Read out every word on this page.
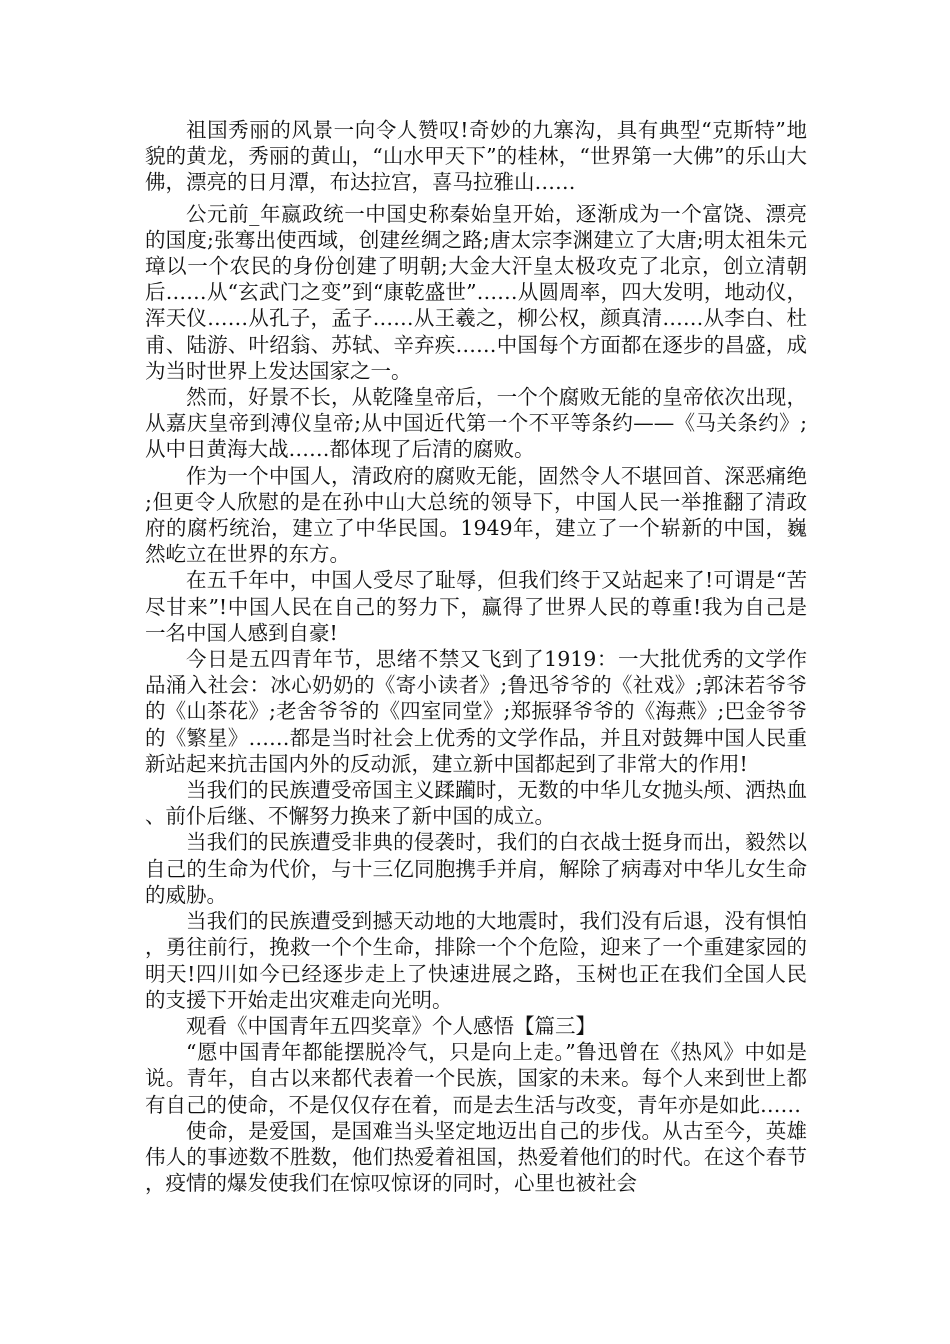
祖国秀丽的风景一向令人赞叹!奇妙的九寨沟，具有典型“克斯特”地貌的黄龙，秀丽的黄山，“山水甲天下”的桂林，“世界第一大佛”的乐山大佛，漂亮的日月潭，布达拉宫，喜马拉雅山……

公元前_年嬴政统一中国史称秦始皇开始，逐渐成为一个富饶、漂亮的国度;张骞出使西域，创建丝绸之路;唐太宗李渊建立了大唐;明太祖朱元璋以一个农民的身份创建了明朝;大金大汗皇太极攻克了北京，创立清朝后……从“玄武门之变”到“康乾盛世”……从圆周率，四大发明，地动仪，浑天仪……从孔子，孟子……从王羲之，柳公权，颜真清……从李白、杜甫、陆游、叶绍翁、苏轼、辛弃疾……中国每个方面都在逐步的昌盛，成为当时世界上发达国家之一。

然而，好景不长，从乾隆皇帝后，一个个腐败无能的皇帝依次出现，从嘉庆皇帝到溥仪皇帝;从中国近代第一个不平等条约——《马关条约》;从中日黄海大战……都体现了后清的腐败。

作为一个中国人，清政府的腐败无能，固然令人不堪回首、深恶痛绝;但更令人欣慰的是在孙中山大总统的领导下，中国人民一举推翻了清政府的腐朽统治，建立了中华民国。1949年，建立了一个崭新的中国，巍然屹立在世界的东方。

在五千年中，中国人受尽了耻辱，但我们终于又站起来了!可谓是“苦尽甘来”!中国人民在自己的努力下，赢得了世界人民的尊重!我为自己是一名中国人感到自豪!

今日是五四青年节，思绪不禁又飞到了1919：一大批优秀的文学作品涌入社会：冰心奶奶的《寄小读者》;鲁迅爷爷的《社戏》;郭沫若爷爷的《山茶花》;老舍爷爷的《四室同堂》;郑振驿爷爷的《海燕》;巴金爷爷的《繁星》……都是当时社会上优秀的文学作品，并且对鼓舞中国人民重新站起来抗击国内外的反动派，建立新中国都起到了非常大的作用!

当我们的民族遭受帝国主义蹂躏时，无数的中华儿女抛头颅、洒热血、前仆后继、不懈努力换来了新中国的成立。

当我们的民族遭受非典的侵袭时，我们的白衣战士挺身而出，毅然以自己的生命为代价，与十三亿同胞携手并肩，解除了病毒对中华儿女生命的威胁。

当我们的民族遭受到撼天动地的大地震时，我们没有后退，没有惧怕，勇往前行，挽救一个个生命，排除一个个危险，迎来了一个重建家园的明天!四川如今已经逐步走上了快速进展之路，玉树也正在我们全国人民的支援下开始走出灾难走向光明。

观看《中国青年五四奖章》个人感悟【篇三】

“愿中国青年都能摆脱冷气，只是向上走。”鲁迅曾在《热风》中如是说。青年，自古以来都代表着一个民族，国家的未来。每个人来到世上都有自己的使命，不是仅仅存在着，而是去生活与改变，青年亦是如此……

使命，是爱国，是国难当头坚定地迈出自己的步伐。从古至今，英雄伟人的事迹数不胜数，他们热爱着祖国，热爱着他们的时代。在这个春节，疫情的爆发使我们在惊叹惊讶的同时，心里也被社会
